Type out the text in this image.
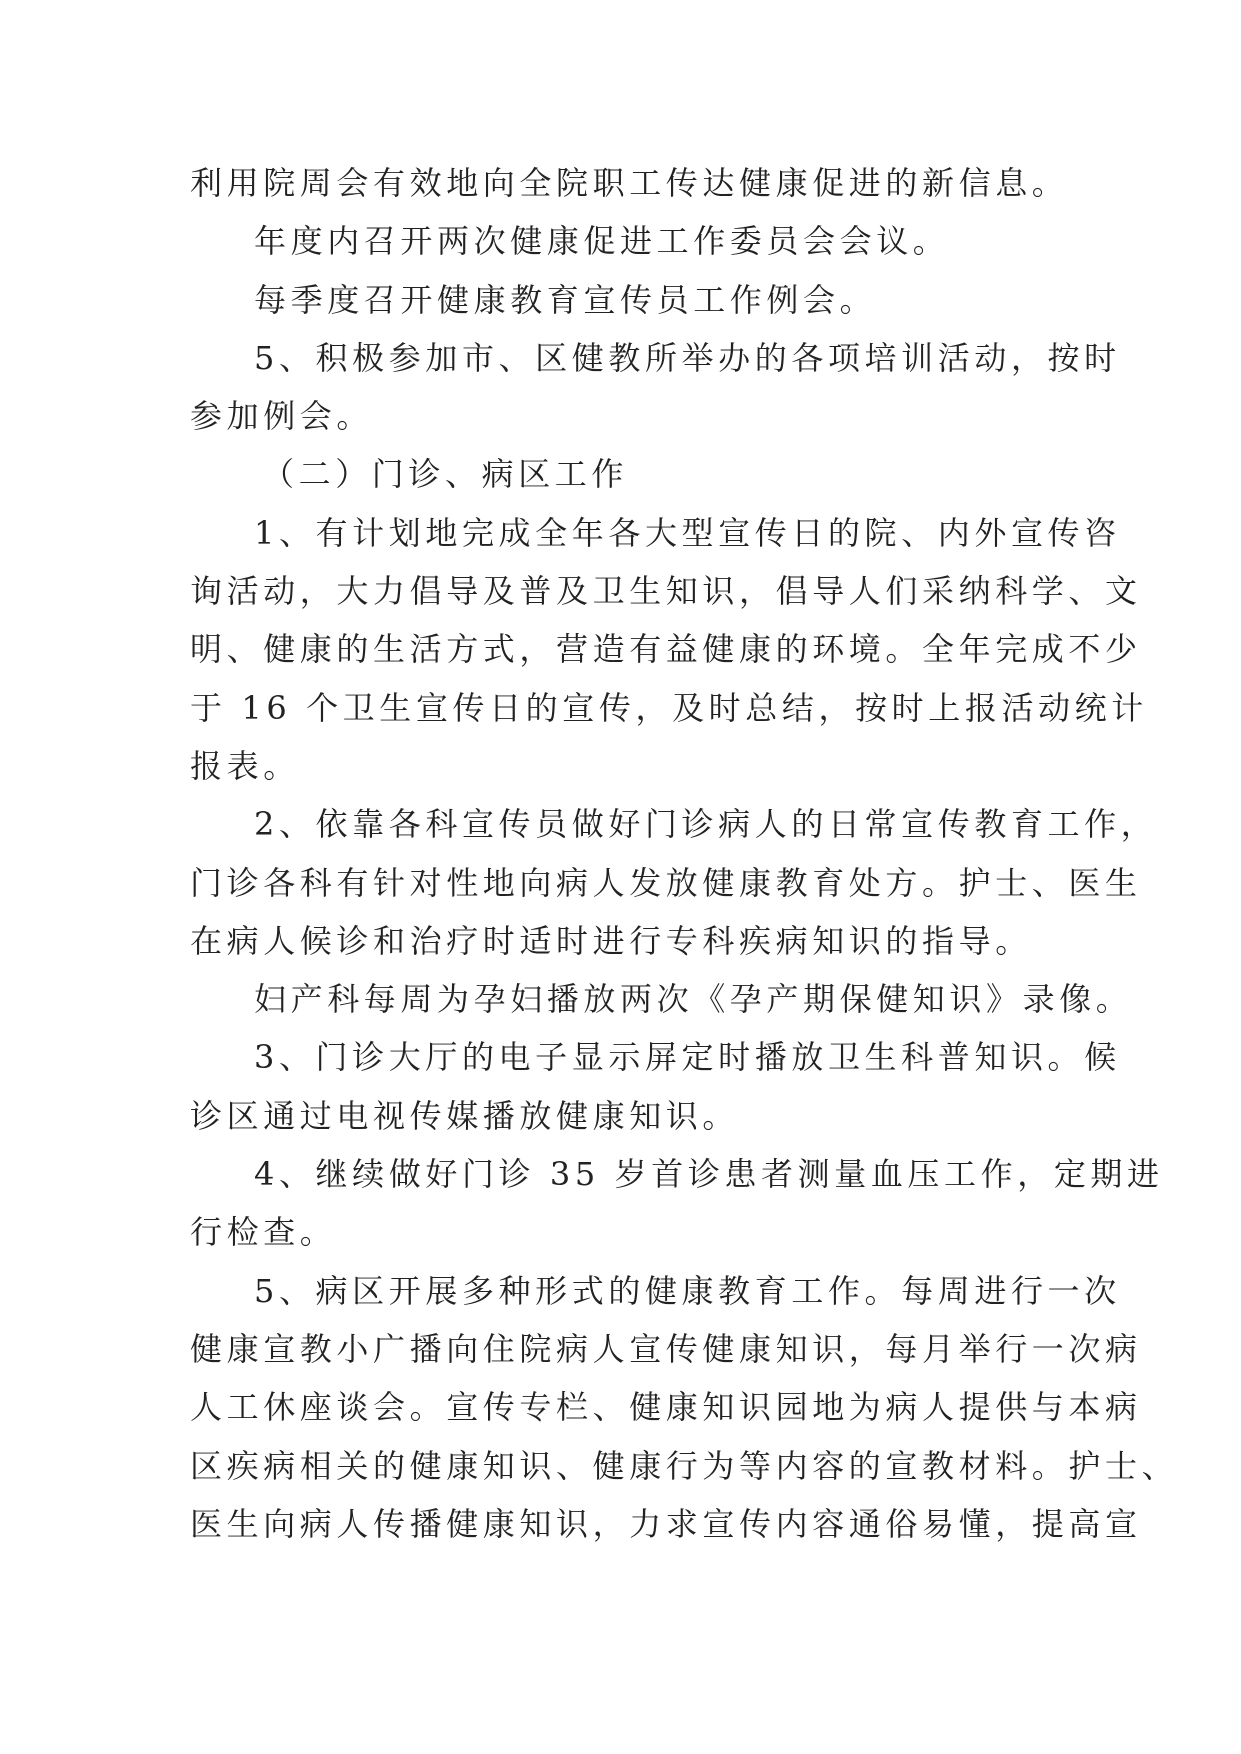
利用院周会有效地向全院职工传达健康促进的新信息。
年度内召开两次健康促进工作委员会会议。
每季度召开健康教育宣传员工作例会。
5、积极参加市、区健教所举办的各项培训活动，按时
参加例会。
（二）门诊、病区工作
1、有计划地完成全年各大型宣传日的院、内外宣传咨
询活动，大力倡导及普及卫生知识，倡导人们采纳科学、文
明、健康的生活方式，营造有益健康的环境。全年完成不少
于 16 个卫生宣传日的宣传，及时总结，按时上报活动统计
报表。
2、依靠各科宣传员做好门诊病人的日常宣传教育工作，
门诊各科有针对性地向病人发放健康教育处方。护士、医生
在病人候诊和治疗时适时进行专科疾病知识的指导。
妇产科每周为孕妇播放两次《孕产期保健知识》录像。
3、门诊大厅的电子显示屏定时播放卫生科普知识。候
诊区通过电视传媒播放健康知识。
4、继续做好门诊 35 岁首诊患者测量血压工作，定期进
行检查。
5、病区开展多种形式的健康教育工作。每周进行一次
健康宣教小广播向住院病人宣传健康知识，每月举行一次病
人工休座谈会。宣传专栏、健康知识园地为病人提供与本病
区疾病相关的健康知识、健康行为等内容的宣教材料。护士、
医生向病人传播健康知识，力求宣传内容通俗易懂，提高宣
